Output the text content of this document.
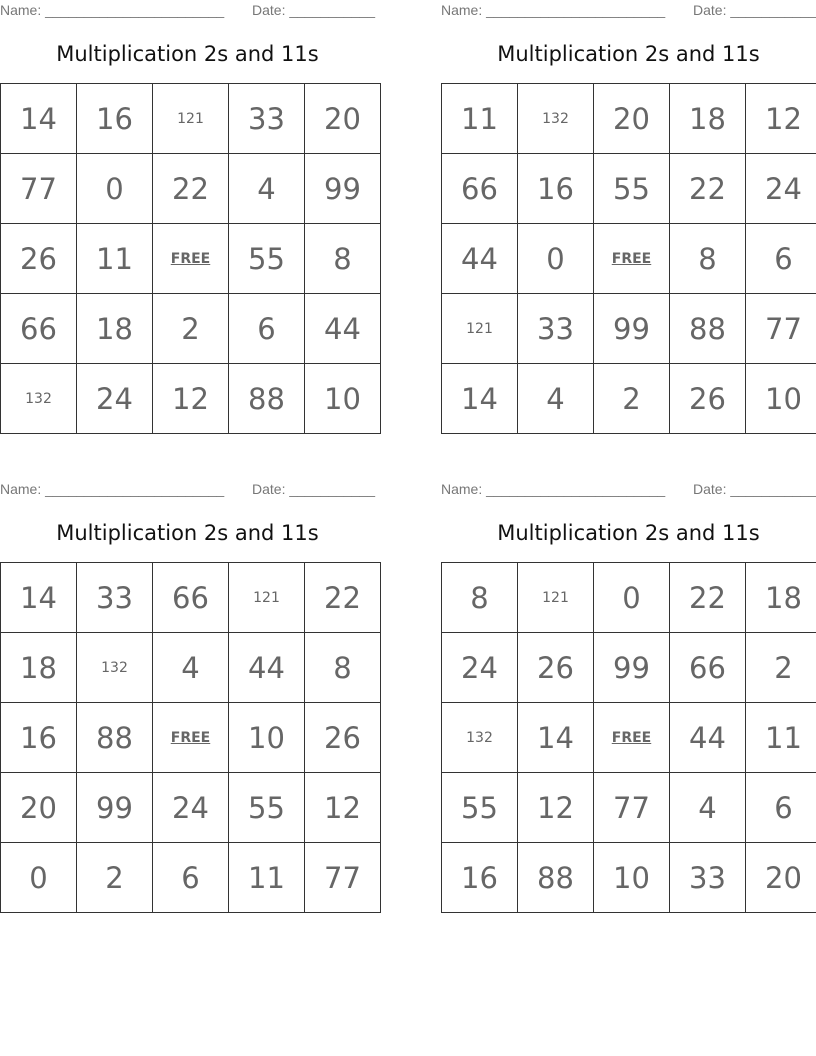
Name: _______________________ Date: ___________
Multiplication 2s and 11s
14	16	121	33	20
77	0	22	4	99
26	11	FREE	55	8
66	18	2	6	44
132	24	12	88	10
Name: _______________________ Date: ___________
Multiplication 2s and 11s
11	132	20	18	12
66	16	55	22	24
44	0	FREE	8	6
121	33	99	88	77
14	4	2	26	10
Name: _______________________ Date: ___________
Multiplication 2s and 11s
14	33	66	121	22
18	132	4	44	8
16	88	FREE	10	26
20	99	24	55	12
0	2	6	11	77
Name: _______________________ Date: ___________
Multiplication 2s and 11s
8	121	0	22	18
24	26	99	66	2
132	14	FREE	44	11
55	12	77	4	6
16	88	10	33	20
